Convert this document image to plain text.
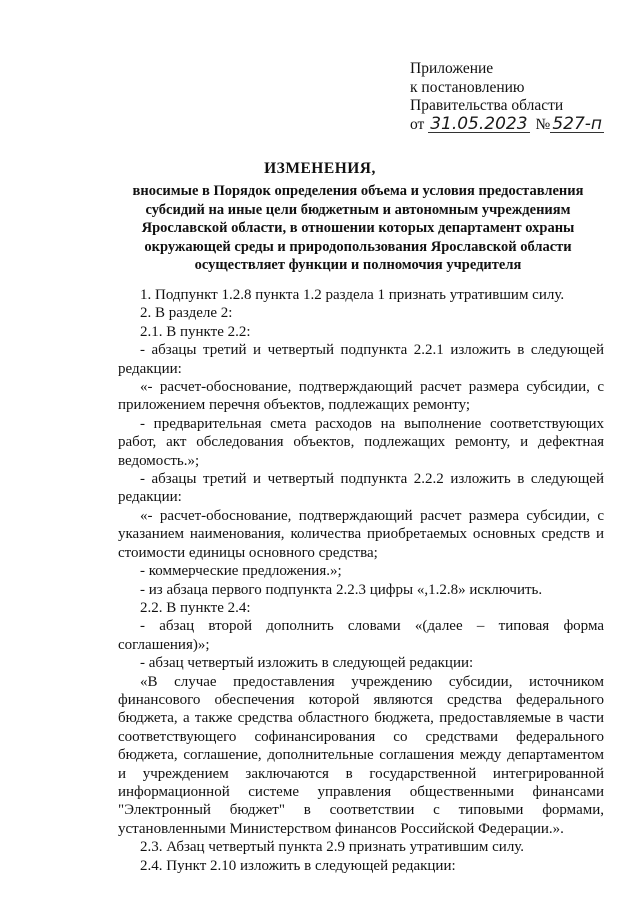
Приложение
к постановлению
Правительства области
от 31.05.2023 № 527-п
ИЗМЕНЕНИЯ,
вносимые в Порядок определения объема и условия предоставления субсидий на иные цели бюджетным и автономным учреждениям Ярославской области, в отношении которых департамент охраны окружающей среды и природопользования Ярославской области осуществляет функции и полномочия учредителя

1. Подпункт 1.2.8 пункта 1.2 раздела 1 признать утратившим силу.

2. В разделе 2:

2.1. В пункте 2.2:

- абзацы третий и четвертый подпункта 2.2.1 изложить в следующей редакции:

«- расчет-обоснование, подтверждающий расчет размера субсидии, с приложением перечня объектов, подлежащих ремонту;

- предварительная смета расходов на выполнение соответствующих работ, акт обследования объектов, подлежащих ремонту, и дефектная ведомость.»;

- абзацы третий и четвертый подпункта 2.2.2 изложить в следующей редакции:

«- расчет-обоснование, подтверждающий расчет размера субсидии, с указанием наименования, количества приобретаемых основных средств и стоимости единицы основного средства;

- коммерческие предложения.»;

- из абзаца первого подпункта 2.2.3 цифры «,1.2.8» исключить.

2.2. В пункте 2.4:

- абзац второй дополнить словами «(далее – типовая форма соглашения)»;

- абзац четвертый изложить в следующей редакции:

«В случае предоставления учреждению субсидии, источником финансового обеспечения которой являются средства федерального бюджета, а также средства областного бюджета, предоставляемые в части соответствующего софинансирования со средствами федерального бюджета, соглашение, дополнительные соглашения между департаментом и учреждением заключаются в государственной интегрированной информационной системе управления общественными финансами "Электронный бюджет" в соответствии с типовыми формами, установленными Министерством финансов Российской Федерации.».

2.3. Абзац четвертый пункта 2.9 признать утратившим силу.

2.4. Пункт 2.10 изложить в следующей редакции:
